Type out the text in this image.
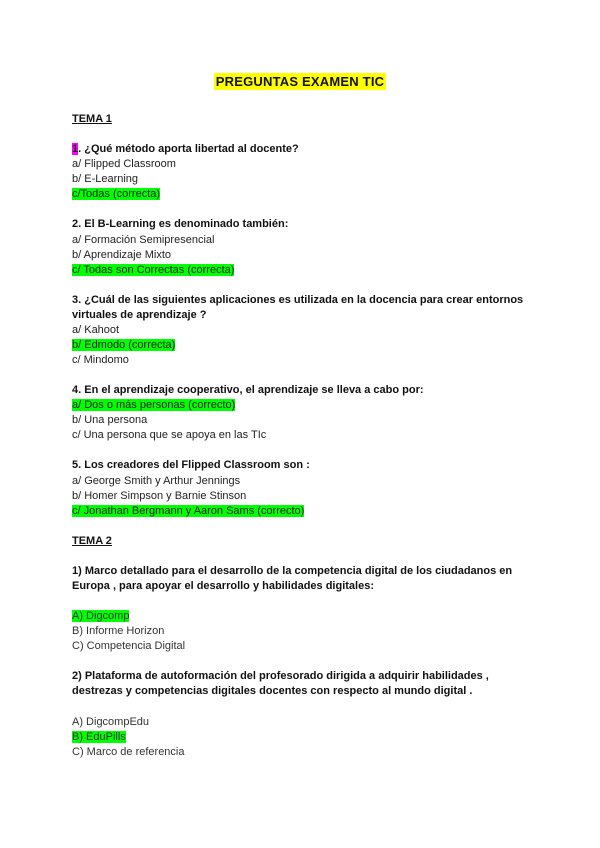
PREGUNTAS EXAMEN TIC
TEMA 1
1. ¿Qué método aporta libertad al docente?
a/ Flipped Classroom
b/ E-Learning
c/Todas (correcta)
2. El B-Learning es denominado también:
a/ Formación Semipresencial
b/ Aprendizaje Mixto
c/ Todas son Correctas (correcta)
3. ¿Cuál de las siguientes aplicaciones es utilizada en la docencia para crear entornos virtuales de aprendizaje ?
a/ Kahoot
b/ Edmodo (correcta)
c/ Mindomo
4. En el aprendizaje cooperativo, el aprendizaje se lleva a cabo por:
a/ Dos o más personas (correcto)
b/ Una persona
c/ Una persona que se apoya en las TIc
5. Los creadores del Flipped Classroom son :
a/ George Smith y Arthur Jennings
b/ Homer Simpson y Barnie Stinson
c/ Jonathan Bergmann y Aaron Sams (correcto)
TEMA 2
1) Marco detallado para el desarrollo de la competencia digital de los ciudadanos en Europa , para apoyar el desarrollo y habilidades digitales:
A) Digcomp
B) Informe Horizon
C) Competencia Digital
2) Plataforma de autoformación del profesorado dirigida a adquirir habilidades , destrezas y competencias digitales docentes con respecto al mundo digital .
A) DigcompEdu
B) EduPills
C) Marco de referencia
